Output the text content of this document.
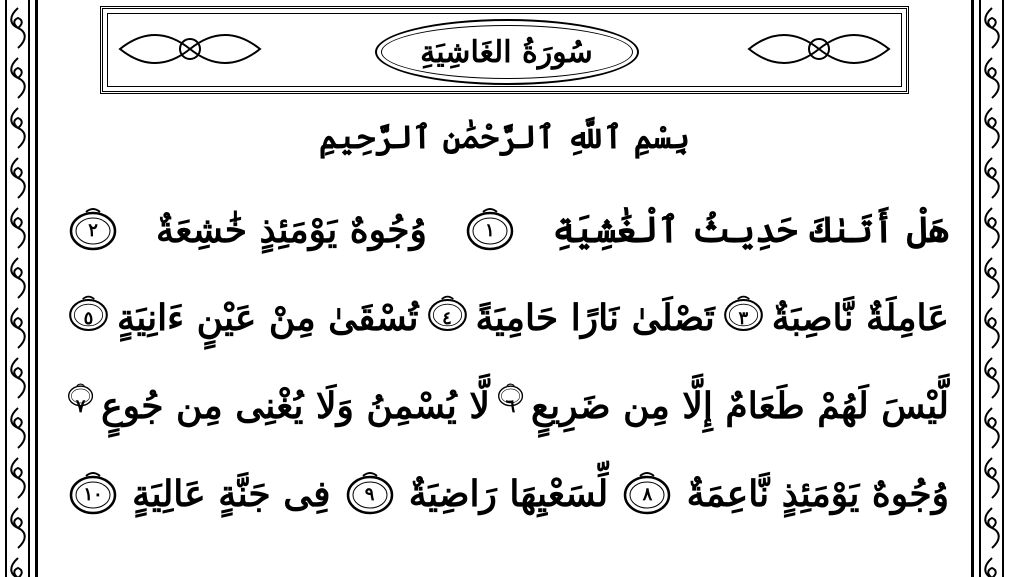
سُورَةُ الغَاشِيَةِ
بِسْمِ ٱللَّهِ ٱلرَّحْمَٰنِ ٱلرَّحِيمِ
هَلْ أَتَىٰكَ حَدِيثُ ٱلْغَٰشِيَةِ
١
وُجُوهٌ يَوْمَئِذٍ خَٰشِعَةٌ
٢
عَامِلَةٌ نَّاصِبَةٌ
٣
تَصْلَىٰ نَارًا حَامِيَةً
٤
تُسْقَىٰ مِنْ عَيْنٍ ءَانِيَةٍ
٥
لَّيْسَ لَهُمْ طَعَامٌ إِلَّا مِن ضَرِيعٍ
٦
لَّا يُسْمِنُ وَلَا يُغْنِى مِن جُوعٍ
٧
وُجُوهٌ يَوْمَئِذٍ نَّاعِمَةٌ
٨
لِّسَعْيِهَا رَاضِيَةٌ
٩
فِى جَنَّةٍ عَالِيَةٍ
١٠
